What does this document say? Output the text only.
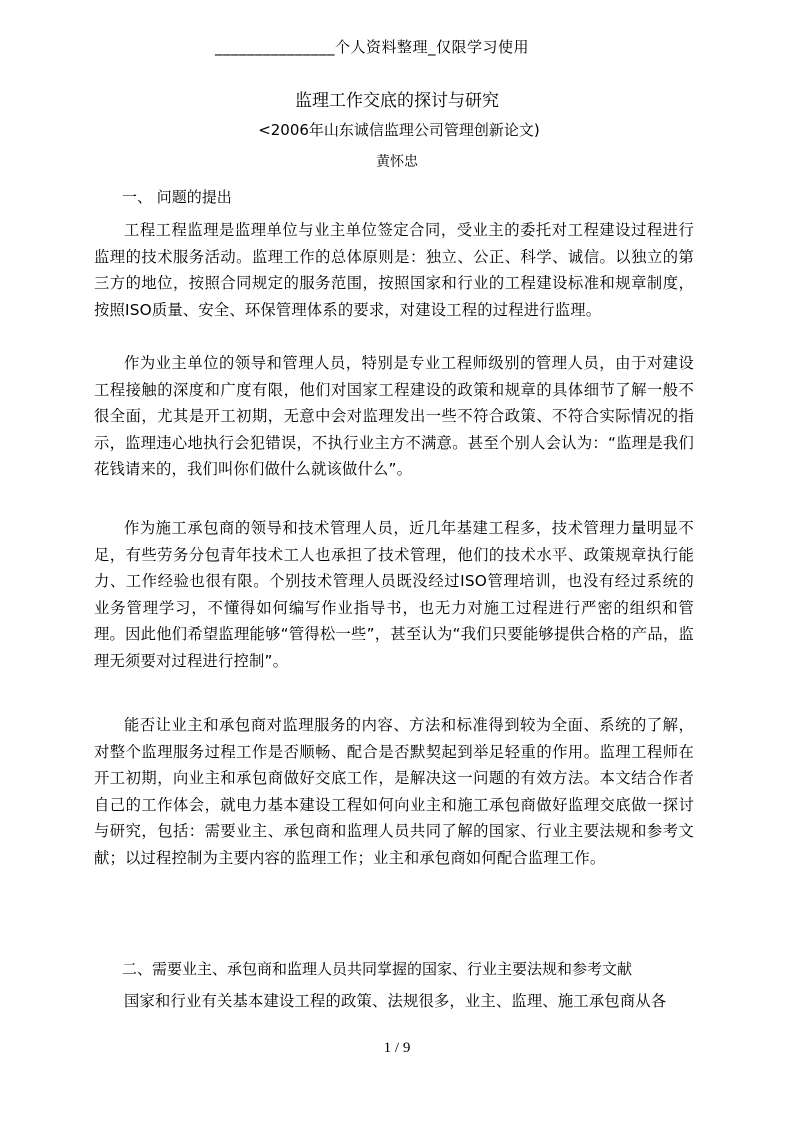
_______________个人资料整理_仅限学习使用
监理工作交底的探讨与研究
<2006年山东诚信监理公司管理创新论文)
黄怀忠
一、 问题的提出

工程工程监理是监理单位与业主单位签定合同，受业主的委托对工程建设过程进行监理的技术服务活动。监理工作的总体原则是：独立、公正、科学、诚信。以独立的第三方的地位，按照合同规定的服务范围，按照国家和行业的工程建设标准和规章制度，按照ISO质量、安全、环保管理体系的要求，对建设工程的过程进行监理。

作为业主单位的领导和管理人员，特别是专业工程师级别的管理人员，由于对建设工程接触的深度和广度有限，他们对国家工程建设的政策和规章的具体细节了解一般不很全面，尤其是开工初期，无意中会对监理发出一些不符合政策、不符合实际情况的指示，监理违心地执行会犯错误，不执行业主方不满意。甚至个别人会认为：“监理是我们花钱请来的，我们叫你们做什么就该做什么”。

作为施工承包商的领导和技术管理人员，近几年基建工程多，技术管理力量明显不足，有些劳务分包青年技术工人也承担了技术管理，他们的技术水平、政策规章执行能力、工作经验也很有限。个别技术管理人员既没经过ISO管理培训，也没有经过系统的业务管理学习，不懂得如何编写作业指导书，也无力对施工过程进行严密的组织和管理。因此他们希望监理能够“管得松一些”，甚至认为“我们只要能够提供合格的产品，监理无须要对过程进行控制”。

能否让业主和承包商对监理服务的内容、方法和标准得到较为全面、系统的了解，对整个监理服务过程工作是否顺畅、配合是否默契起到举足轻重的作用。监理工程师在开工初期，向业主和承包商做好交底工作，是解决这一问题的有效方法。本文结合作者自己的工作体会，就电力基本建设工程如何向业主和施工承包商做好监理交底做一探讨与研究，包括：需要业主、承包商和监理人员共同了解的国家、行业主要法规和参考文献；以过程控制为主要内容的监理工作；业主和承包商如何配合监理工作。

二、需要业主、承包商和监理人员共同掌握的国家、行业主要法规和参考文献

国家和行业有关基本建设工程的政策、法规很多，业主、监理、施工承包商从各

1 / 9
